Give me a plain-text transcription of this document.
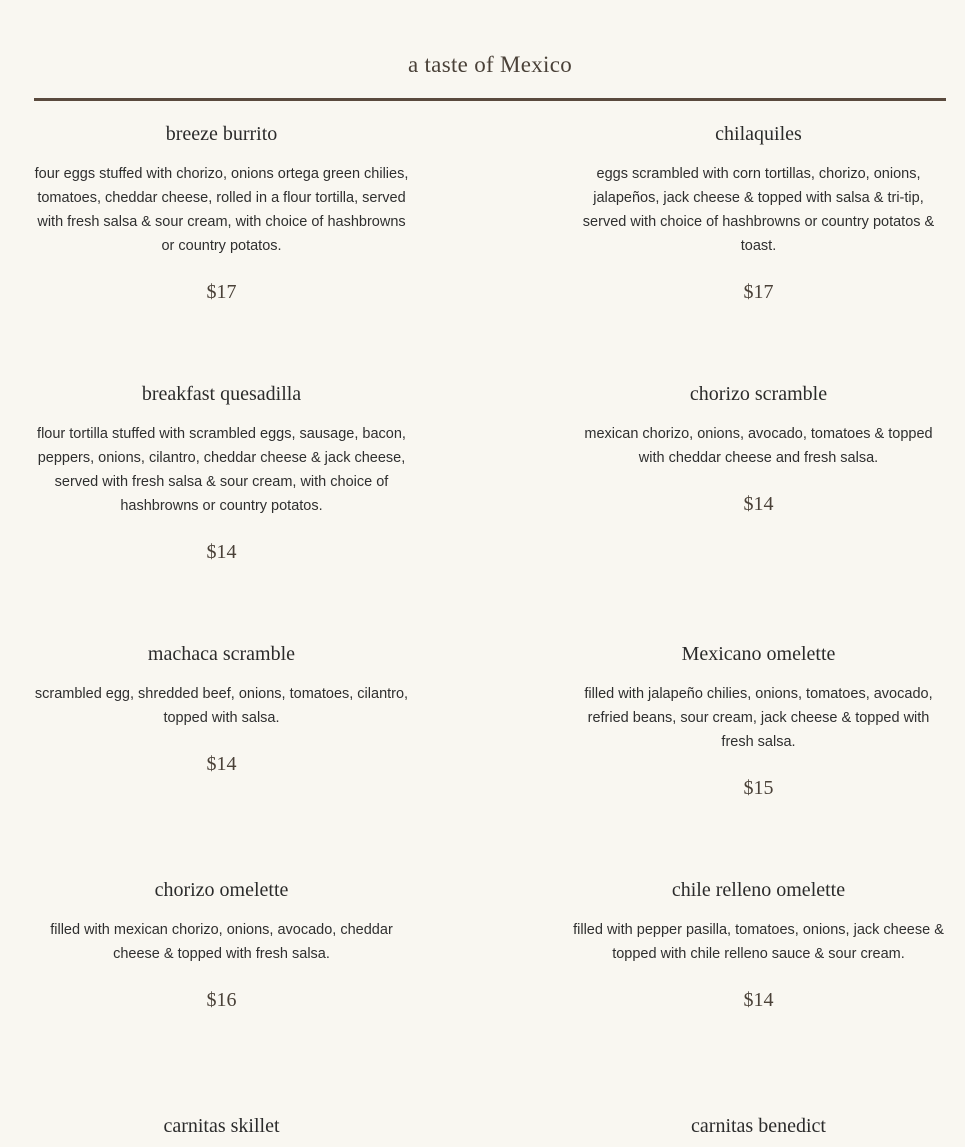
a taste of Mexico
breeze burrito
four eggs stuffed with chorizo, onions ortega green chilies, tomatoes, cheddar cheese, rolled in a flour tortilla, served with fresh salsa & sour cream, with choice of hashbrowns or country potatos.
$17
chilaquiles
eggs scrambled with corn tortillas, chorizo, onions, jalapeños, jack cheese & topped with salsa & tri-tip, served with choice of hashbrowns or country potatos & toast.
$17
breakfast quesadilla
flour tortilla stuffed with scrambled eggs, sausage, bacon, peppers, onions, cilantro, cheddar cheese & jack cheese, served with fresh salsa & sour cream, with choice of hashbrowns or country potatos.
$14
chorizo scramble
mexican chorizo, onions, avocado, tomatoes & topped with cheddar cheese and fresh salsa.
$14
machaca scramble
scrambled egg, shredded beef, onions, tomatoes, cilantro, topped with salsa.
$14
Mexicano omelette
filled with jalapeño chilies, onions, tomatoes, avocado, refried beans, sour cream, jack cheese & topped with fresh salsa.
$15
chorizo omelette
filled with mexican chorizo, onions, avocado, cheddar cheese & topped with fresh salsa.
$16
chile relleno omelette
filled with pepper pasilla, tomatoes, onions, jack cheese & topped with chile relleno sauce & sour cream.
$14
carnitas skillet	carnitas benedict
